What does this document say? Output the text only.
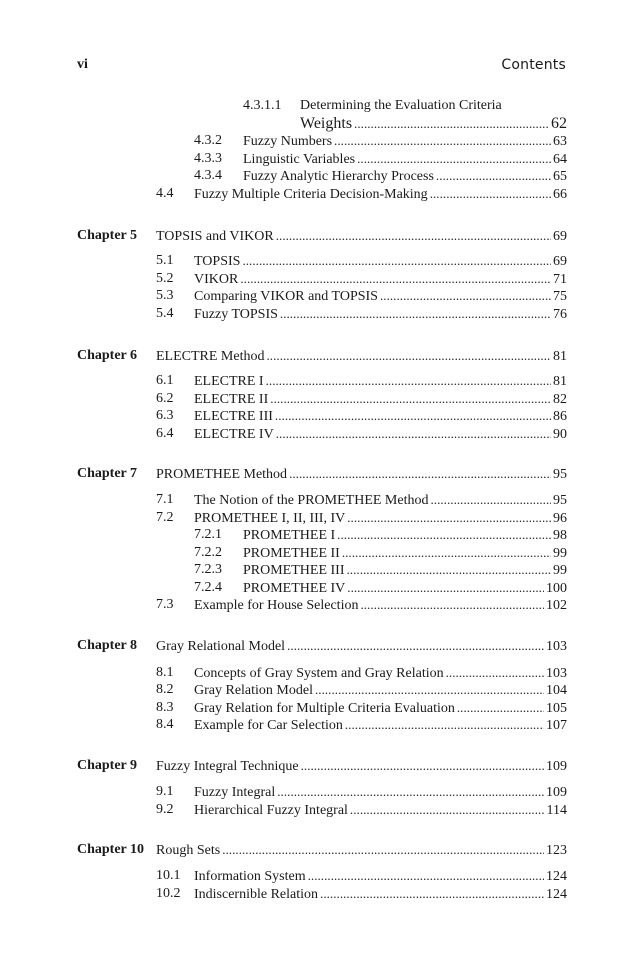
vi	Contents
4.3.1.1 Determining the Evaluation Criteria
Weights . . .	62
4.3.2 Fuzzy Numbers . . .	63
4.3.3 Linguistic Variables . . .	64
4.3.4 Fuzzy Analytic Hierarchy Process . . .	65
4.4 Fuzzy Multiple Criteria Decision-Making . . .	66
Chapter 5 TOPSIS and VIKOR . . .	69
5.1 TOPSIS . . .	69
5.2 VIKOR . . .	71
5.3 Comparing VIKOR and TOPSIS . . .	75
5.4 Fuzzy TOPSIS . . .	76
Chapter 6 ELECTRE Method . . .	81
6.1 ELECTRE I . . .	81
6.2 ELECTRE II . . .	82
6.3 ELECTRE III . . .	86
6.4 ELECTRE IV . . .	90
Chapter 7 PROMETHEE Method . . .	95
7.1 The Notion of the PROMETHEE Method . . .	95
7.2 PROMETHEE I, II, III, IV . . .	96
7.2.1 PROMETHEE I . . .	98
7.2.2 PROMETHEE II . . .	99
7.2.3 PROMETHEE III . . .	99
7.2.4 PROMETHEE IV . . .	100
7.3 Example for House Selection . . .	102
Chapter 8 Gray Relational Model . . .	103
8.1 Concepts of Gray System and Gray Relation . . .	103
8.2 Gray Relation Model . . .	104
8.3 Gray Relation for Multiple Criteria Evaluation . . .	105
8.4 Example for Car Selection . . .	107
Chapter 9 Fuzzy Integral Technique . . .	109
9.1 Fuzzy Integral . . .	109
9.2 Hierarchical Fuzzy Integral . . .	114
Chapter 10 Rough Sets . . .	123
10.1 Information System . . .	124
10.2 Indiscernible Relation . . .	124
